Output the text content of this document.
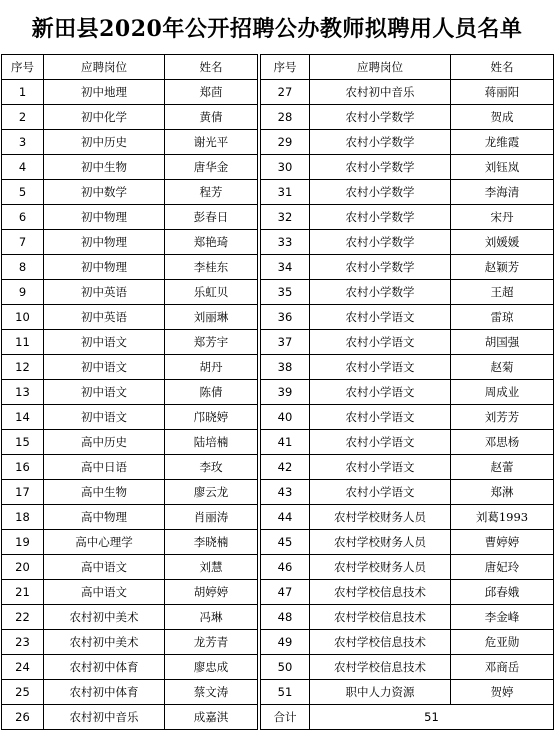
新田县2020年公开招聘公办教师拟聘用人员名单
序号	应聘岗位	姓名
1	初中地理	郑茴
2	初中化学	黄倩
3	初中历史	谢光平
4	初中生物	唐华金
5	初中数学	程芳
6	初中物理	彭春日
7	初中物理	郑艳琦
8	初中物理	李桂东
9	初中英语	乐虹贝
10	初中英语	刘丽琳
11	初中语文	郑芳宇
12	初中语文	胡丹
13	初中语文	陈倩
14	初中语文	邝晓婷
15	高中历史	陆培楠
16	高中日语	李玫
17	高中生物	廖云龙
18	高中物理	肖丽涛
19	高中心理学	李晓楠
20	高中语文	刘慧
21	高中语文	胡婷婷
22	农村初中美术	冯琳
23	农村初中美术	龙芳青
24	农村初中体育	廖忠成
25	农村初中体育	蔡文涛
26	农村初中音乐	成嘉淇
序号	应聘岗位	姓名
27	农村初中音乐	蒋丽阳
28	农村小学数学	贺成
29	农村小学数学	龙维霞
30	农村小学数学	刘钰岚
31	农村小学数学	李海清
32	农村小学数学	宋丹
33	农村小学数学	刘媛媛
34	农村小学数学	赵颖芳
35	农村小学数学	王超
36	农村小学语文	雷琼
37	农村小学语文	胡国强
38	农村小学语文	赵菊
39	农村小学语文	周成业
40	农村小学语文	刘芳芳
41	农村小学语文	邓思杨
42	农村小学语文	赵蕾
43	农村小学语文	郑淋
44	农村学校财务人员	刘葛1993
45	农村学校财务人员	曹婷婷
46	农村学校财务人员	唐妃玲
47	农村学校信息技术	邱春娥
48	农村学校信息技术	李金峰
49	农村学校信息技术	危亚勋
50	农村学校信息技术	邓商岳
51	职中人力资源	贺婷
合计	51	
